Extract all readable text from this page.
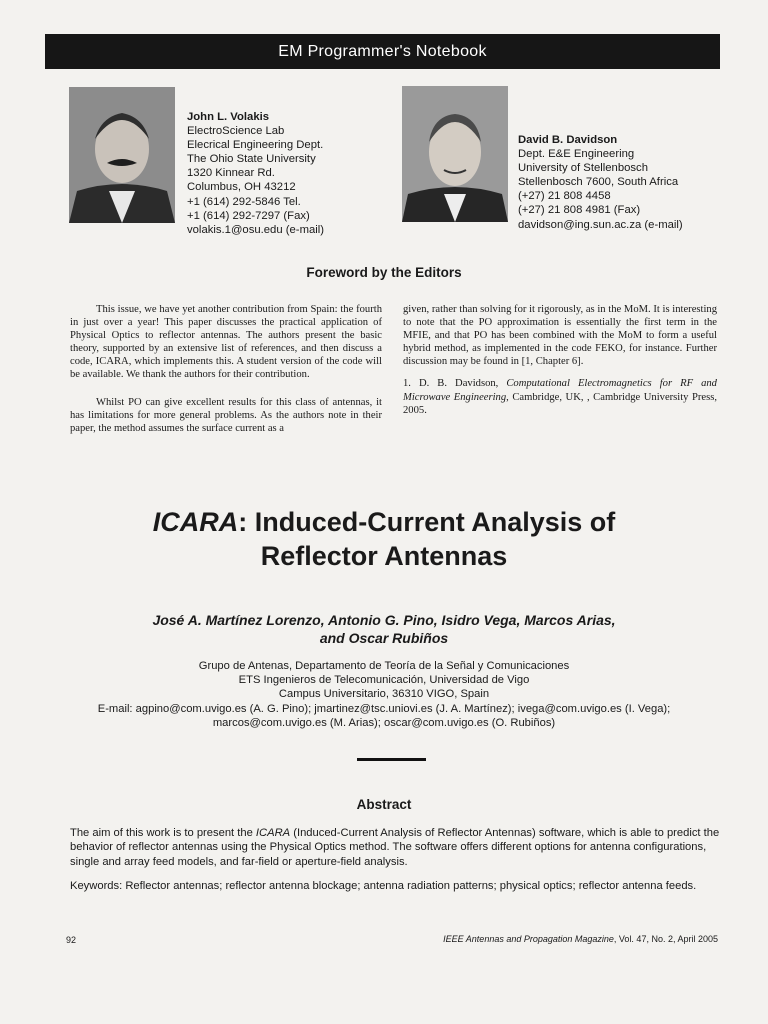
EM Programmer's Notebook
John L. Volakis
ElectroScience Lab
Elecrical Engineering Dept.
The Ohio State University
1320 Kinnear Rd.
Columbus, OH 43212
+1 (614) 292-5846 Tel.
+1 (614) 292-7297 (Fax)
volakis.1@osu.edu (e-mail)
David B. Davidson
Dept. E&E Engineering
University of Stellenbosch
Stellenbosch 7600, South Africa
(+27) 21 808 4458
(+27) 21 808 4981 (Fax)
davidson@ing.sun.ac.za (e-mail)
Foreword by the Editors

This issue, we have yet another contribution from Spain: the fourth in just over a year! This paper discusses the practical application of Physical Optics to reflector antennas. The authors present the basic theory, supported by an extensive list of references, and then discuss a code, ICARA, which implements this. A student version of the code will be available. We thank the authors for their contribution.

Whilst PO can give excellent results for this class of antennas, it has limitations for more general problems. As the authors note in their paper, the method assumes the surface current as a

given, rather than solving for it rigorously, as in the MoM. It is interesting to note that the PO approximation is essentially the first term in the MFIE, and that PO has been combined with the MoM to form a useful hybrid method, as implemented in the code FEKO, for instance. Further discussion may be found in [1, Chapter 6].

1. D. B. Davidson, Computational Electromagnetics for RF and Microwave Engineering, Cambridge, UK, , Cambridge University Press, 2005.

ICARA: Induced-Current Analysis of
Reflector Antennas
José A. Martínez Lorenzo, Antonio G. Pino, Isidro Vega, Marcos Arias,
and Oscar Rubiños
Grupo de Antenas, Departamento de Teoría de la Señal y Comunicaciones
ETS Ingenieros de Telecomunicación, Universidad de Vigo
Campus Universitario, 36310 VIGO, Spain
E-mail: agpino@com.uvigo.es (A. G. Pino); jmartinez@tsc.uniovi.es (J. A. Martínez); ivega@com.uvigo.es (I. Vega);
marcos@com.uvigo.es (M. Arias); oscar@com.uvigo.es (O. Rubiños)
Abstract
The aim of this work is to present the ICARA (Induced-Current Analysis of Reflector Antennas) software, which is able to predict the behavior of reflector antennas using the Physical Optics method. The software offers different options for antenna configurations, single and array feed models, and far-field or aperture-field analysis.
Keywords: Reflector antennas; reflector antenna blockage; antenna radiation patterns; physical optics; reflector antenna feeds.
92	IEEE Antennas and Propagation Magazine, Vol. 47, No. 2, April 2005
